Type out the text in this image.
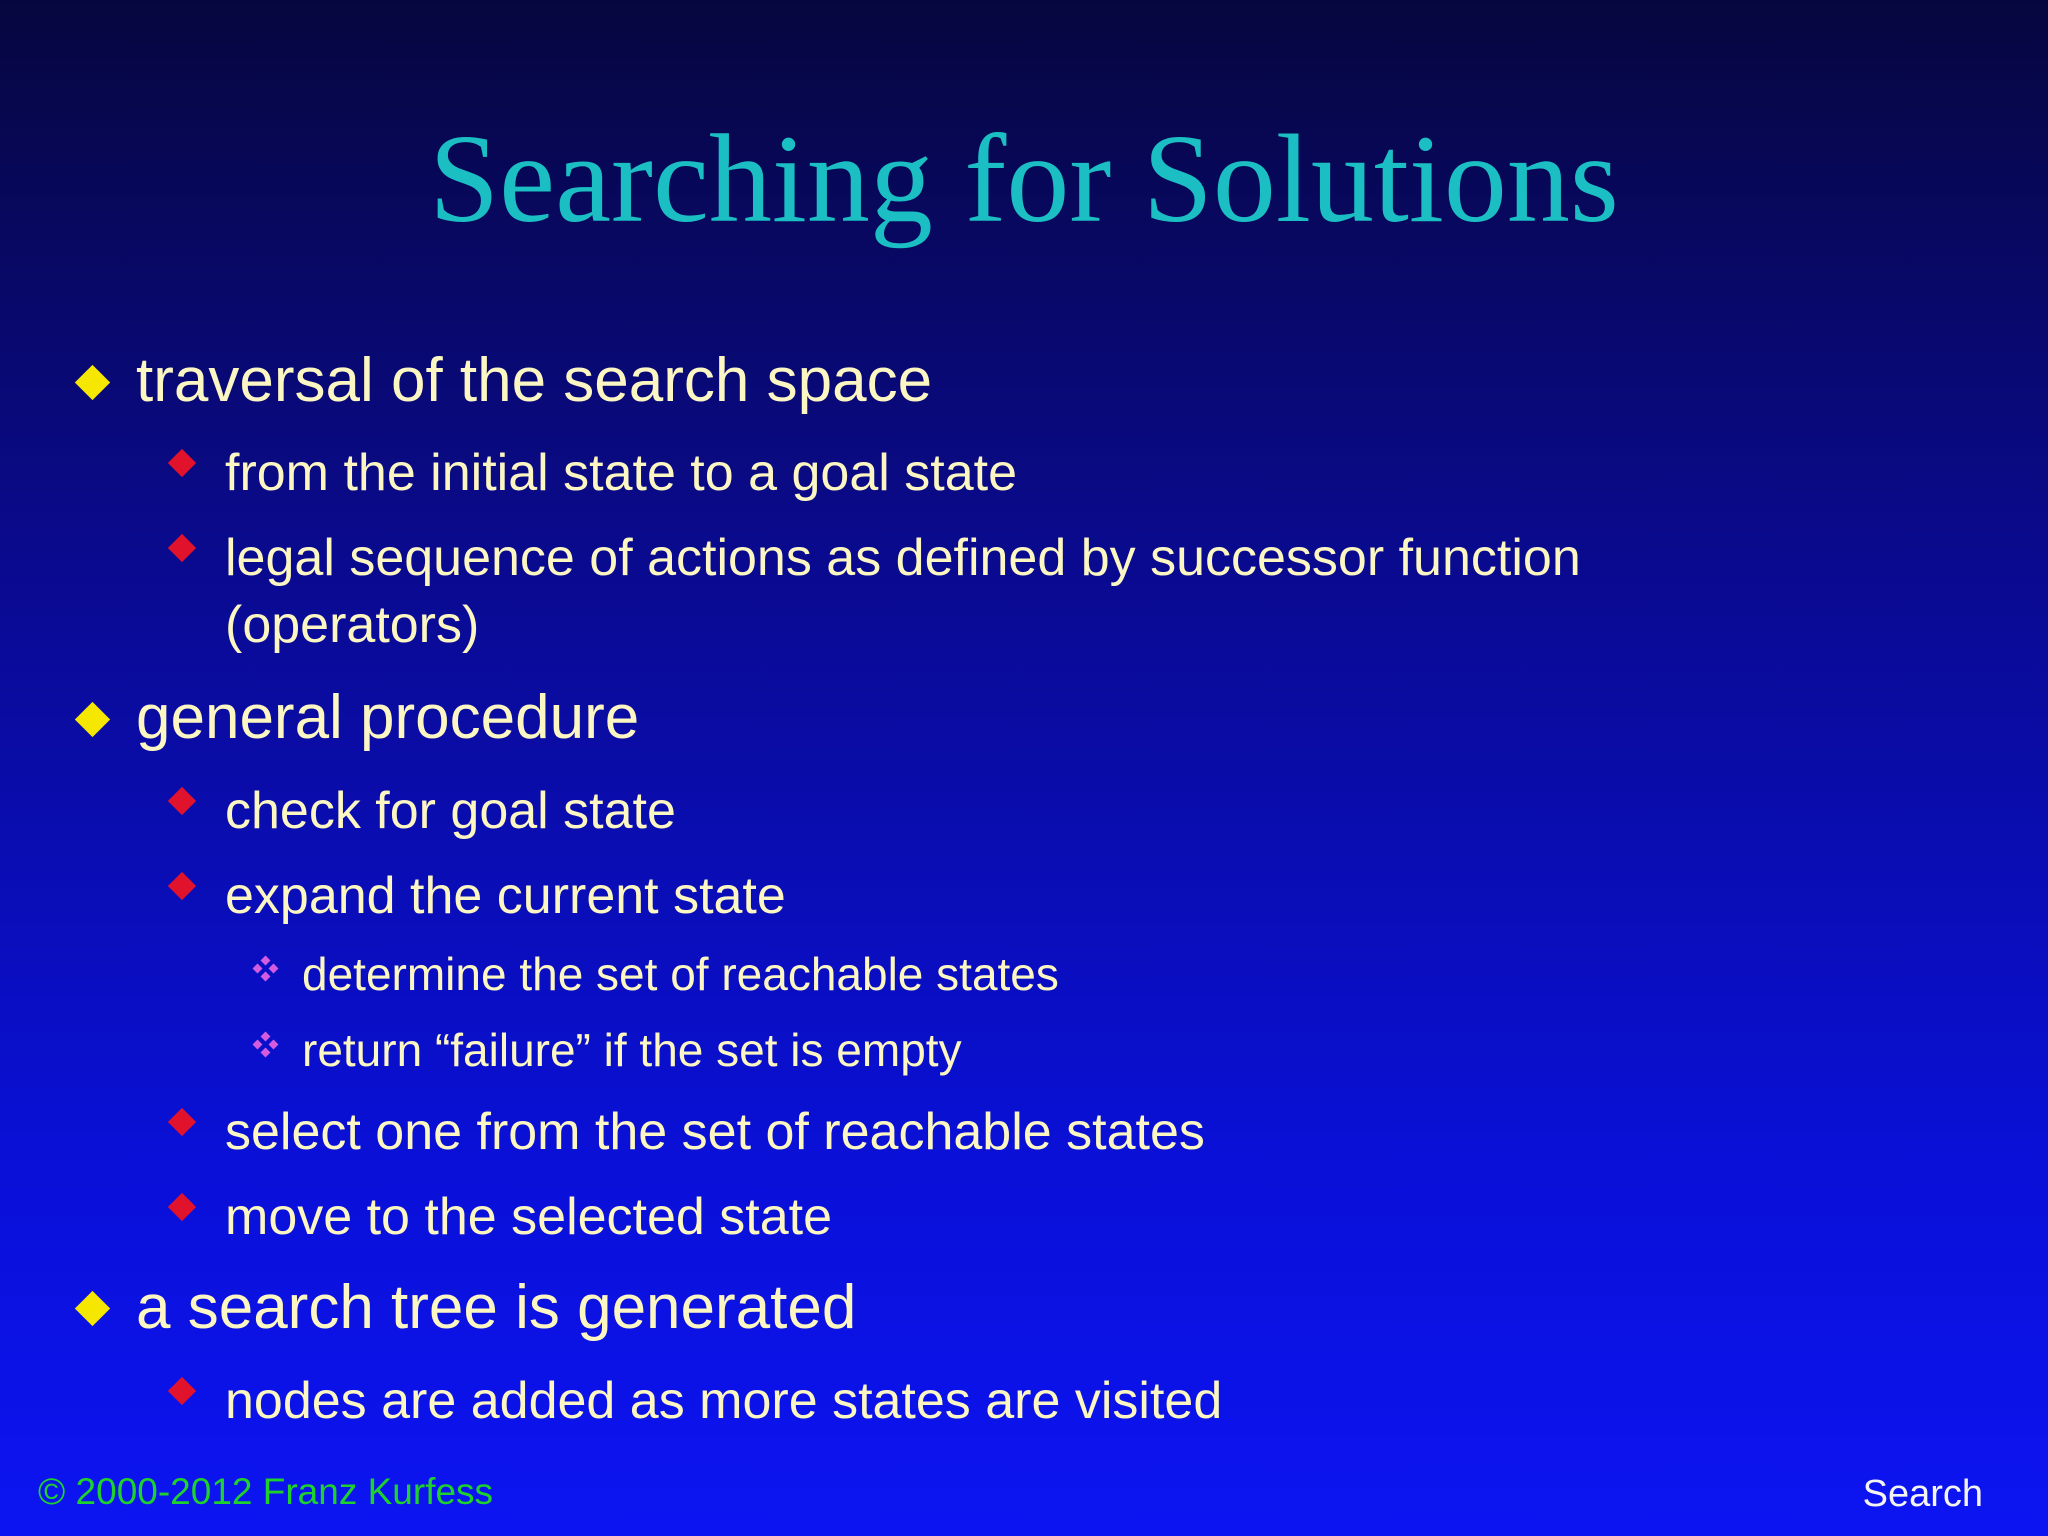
Searching for Solutions
traversal of the search space
from the initial state to a goal state
legal sequence of actions as defined by successor function
(operators)
general procedure
check for goal state
expand the current state
determine the set of reachable states
return “failure” if the set is empty
select one from the set of reachable states
move to the selected state
a search tree is generated
nodes are added as more states are visited
© 2000-2012 Franz Kurfess	Search
